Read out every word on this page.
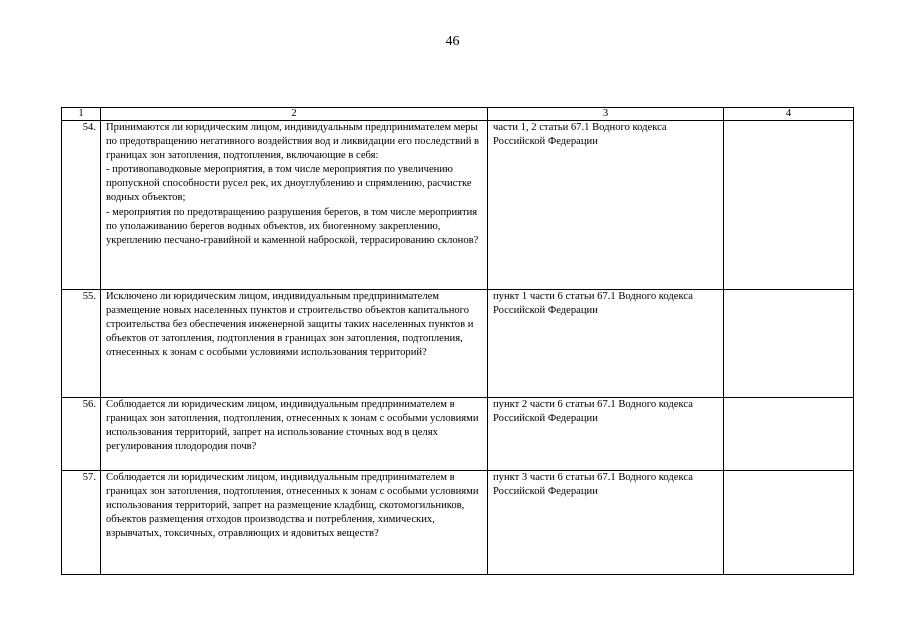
46
1	2	3	4
54.	Принимаются ли юридическим лицом, индивидуальным предпринимателем меры по предотвращению негативного воздействия вод и ликвидации его последствий в границах зон затопления, подтопления, включающие в себя:
- противопаводковые мероприятия, в том числе мероприятия по увеличению пропускной способности русел рек, их дноуглублению и спрямлению, расчистке водных объектов;
- мероприятия по предотвращению разрушения берегов, в том числе мероприятия по уполаживанию берегов водных объектов, их биогенному закреплению, укреплению песчано-гравийной и каменной наброской, террасированию склонов?	части 1, 2 статьи 67.1 Водного кодекса Российской Федерации	
55.	Исключено ли юридическим лицом, индивидуальным предпринимателем размещение новых населенных пунктов и строительство объектов капитального строительства без обеспечения инженерной защиты таких населенных пунктов и объектов от затопления, подтопления в границах зон затопления, подтопления, отнесенных к зонам с особыми условиями использования территорий?	пункт 1 части 6 статьи 67.1 Водного кодекса Российской Федерации	
56.	Соблюдается ли юридическим лицом, индивидуальным предпринимателем в границах зон затопления, подтопления, отнесенных к зонам с особыми условиями использования территорий, запрет на использование сточных вод в целях регулирования плодородия почв?	пункт 2 части 6 статьи 67.1 Водного кодекса Российской Федерации	
57.	Соблюдается ли юридическим лицом, индивидуальным предпринимателем в границах зон затопления, подтопления, отнесенных к зонам с особыми условиями использования территорий, запрет на размещение кладбищ, скотомогильников, объектов размещения отходов производства и потребления, химических, взрывчатых, токсичных, отравляющих и ядовитых веществ?	пункт 3 части 6 статьи 67.1 Водного кодекса Российской Федерации	
